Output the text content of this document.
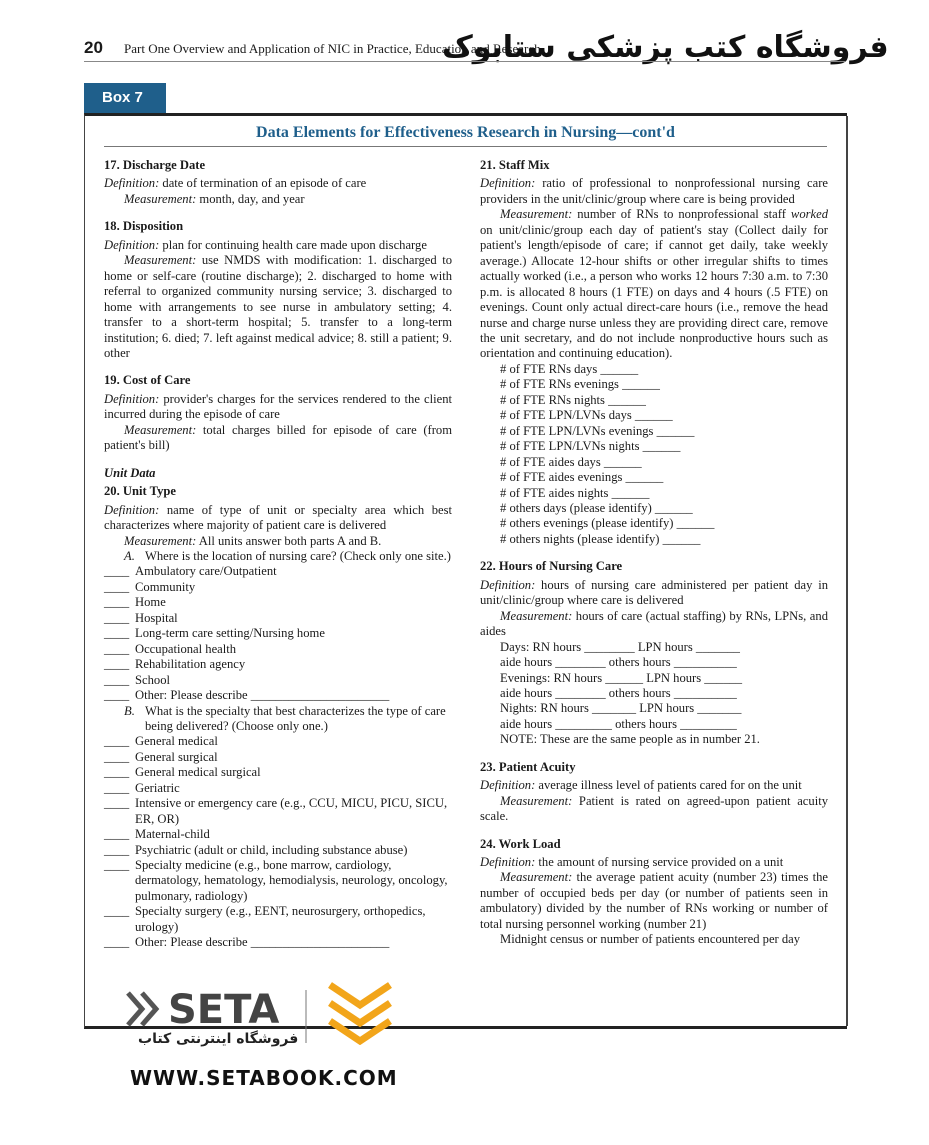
20 Part One Overview and Application of NIC in Practice, Education and Research
فروشگاه کتب پزشکی ستابوک
Box 7
Data Elements for Effectiveness Research in Nursing—cont'd

17. Discharge Date

Definition: date of termination of an episode of care

Measurement: month, day, and year

18. Disposition

Definition: plan for continuing health care made upon discharge

Measurement: use NMDS with modification: 1. discharged to home or self-care (routine discharge); 2. discharged to home with referral to organized community nursing service; 3. discharged to home with arrangements to see nurse in ambulatory setting; 4. transfer to a short-term hospital; 5. transfer to a long-term institution; 6. died; 7. left against medical advice; 8. still a patient; 9. other

19. Cost of Care

Definition: provider's charges for the services rendered to the client incurred during the episode of care

Measurement: total charges billed for episode of care (from patient's bill)

Unit Data

20. Unit Type

Definition: name of type of unit or specialty area which best characterizes where majority of patient care is delivered

Measurement: All units answer both parts A and B.

A. Where is the location of nursing care? (Check only one site.)
____ Ambulatory care/Outpatient
____ Community
____ Home
____ Hospital
____ Long-term care setting/Nursing home
____ Occupational health
____ Rehabilitation agency
____ School
____ Other: Please describe ______________________
B. What is the specialty that best characterizes the type of care being delivered? (Choose only one.)
____ General medical
____ General surgical
____ General medical surgical
____ Geriatric
____ Intensive or emergency care (e.g., CCU, MICU, PICU, SICU, ER, OR)
____ Maternal-child
____ Psychiatric (adult or child, including substance abuse)
____ Specialty medicine (e.g., bone marrow, cardiology, dermatology, hematology, hemodialysis, neurology, oncology, pulmonary, radiology)
____ Specialty surgery (e.g., EENT, neurosurgery, orthopedics, urology)
____ Other: Please describe ______________________

21. Staff Mix

Definition: ratio of professional to nonprofessional nursing care providers in the unit/clinic/group where care is being provided

Measurement: number of RNs to nonprofessional staff worked on unit/clinic/group each day of patient's stay (Collect daily for patient's length/episode of care; if cannot get daily, take weekly average.) Allocate 12-hour shifts or other irregular shifts to times actually worked (i.e., a person who works 12 hours 7:30 a.m. to 7:30 p.m. is allocated 8 hours (1 FTE) on days and 4 hours (.5 FTE) on evenings. Count only actual direct-care hours (i.e., remove the head nurse and charge nurse unless they are providing direct care, remove the unit secretary, and do not include nonproductive hours such as orientation and continuing education).

# of FTE RNs days ______
# of FTE RNs evenings ______
# of FTE RNs nights ______
# of FTE LPN/LVNs days ______
# of FTE LPN/LVNs evenings ______
# of FTE LPN/LVNs nights ______
# of FTE aides days ______
# of FTE aides evenings ______
# of FTE aides nights ______
# others days (please identify) ______
# others evenings (please identify) ______
# others nights (please identify) ______

22. Hours of Nursing Care

Definition: hours of nursing care administered per patient day in unit/clinic/group where care is delivered

Measurement: hours of care (actual staffing) by RNs, LPNs, and aides

Days: RN hours ________ LPN hours _______
aide hours ________ others hours __________
Evenings: RN hours ______ LPN hours ______
aide hours ________ others hours __________
Nights: RN hours _______ LPN hours _______
aide hours _________ others hours _________
NOTE: These are the same people as in number 21.

23. Patient Acuity

Definition: average illness level of patients cared for on the unit

Measurement: Patient is rated on agreed-upon patient acuity scale.

24. Work Load

Definition: the amount of nursing service provided on a unit

Measurement: the average patient acuity (number 23) times the number of occupied beds per day (or number of patients seen in ambulatory) divided by the number of RNs working or number of total nursing personnel working (number 21)

Midnight census or number of patients encountered per day

SETA
فروشگاه اینترنتی کتاب
WWW.SETABOOK.COM
